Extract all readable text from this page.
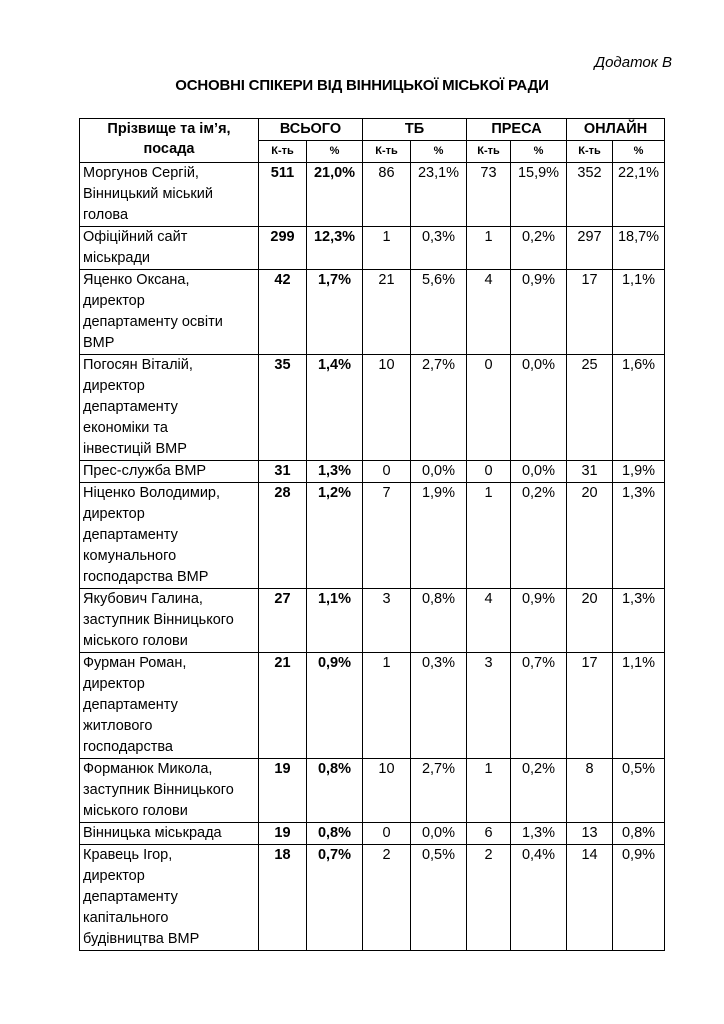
Додаток В
ОСНОВНІ СПІКЕРИ ВІД ВІННИЦЬКОЇ МІСЬКОЇ РАДИ
Прізвище та ім’я,
посада	ВСЬОГО		ТБ		ПРЕСА		ОНЛАЙН	
	К-ть	%	К-ть	%	К-ть	%	К-ть	%
Моргунов Сергій,
Вінницький міський
голова	511	21,0%	86	23,1%	73	15,9%	352	22,1%
Офіційний сайт
міськради	299	12,3%	1	0,3%	1	0,2%	297	18,7%
Яценко Оксана,
директор
департаменту освіти
ВМР	42	1,7%	21	5,6%	4	0,9%	17	1,1%
Погосян Віталій,
директор
департаменту
економіки та
інвестицій ВМР	35	1,4%	10	2,7%	0	0,0%	25	1,6%
Прес-служба ВМР	31	1,3%	0	0,0%	0	0,0%	31	1,9%
Ніценко Володимир,
директор
департаменту
комунального
господарства ВМР	28	1,2%	7	1,9%	1	0,2%	20	1,3%
Якубович Галина,
заступник Вінницького
міського голови	27	1,1%	3	0,8%	4	0,9%	20	1,3%
Фурман Роман,
директор
департаменту
житлового
господарства	21	0,9%	1	0,3%	3	0,7%	17	1,1%
Форманюк Микола,
заступник Вінницького
міського голови	19	0,8%	10	2,7%	1	0,2%	8	0,5%
Вінницька міськрада	19	0,8%	0	0,0%	6	1,3%	13	0,8%
Кравець Ігор,
директор
департаменту
капітального
будівництва ВМР	18	0,7%	2	0,5%	2	0,4%	14	0,9%
